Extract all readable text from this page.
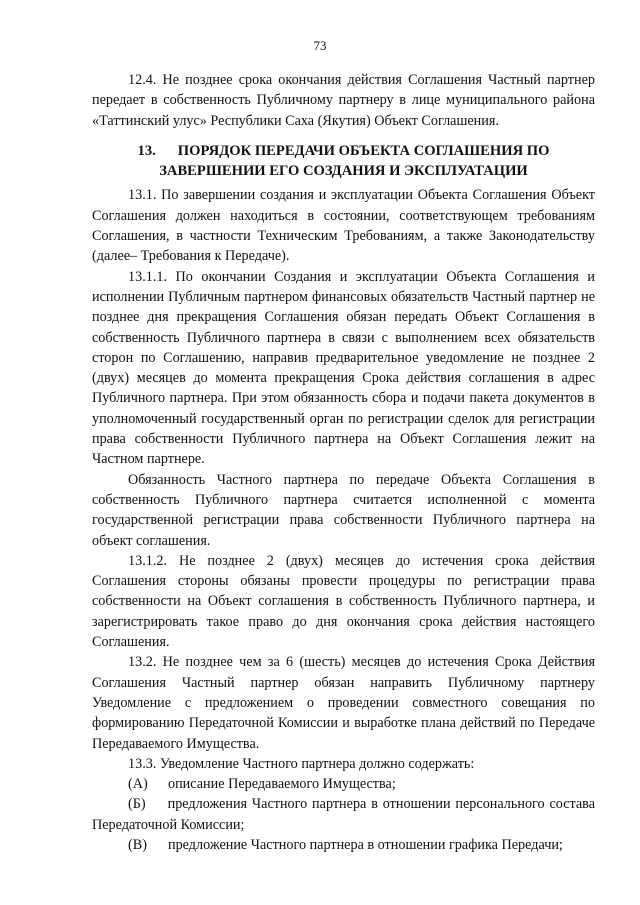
73

12.4. Не позднее срока окончания действия Соглашения Частный партнер передает в собственность Публичному партнеру в лице муниципального района «Таттинский улус» Республики Саха (Якутия) Объект Соглашения.

13. ПОРЯДОК ПЕРЕДАЧИ ОБЪЕКТА СОГЛАШЕНИЯ ПО ЗАВЕРШЕНИИ ЕГО СОЗДАНИЯ И ЭКСПЛУАТАЦИИ

13.1. По завершении создания и эксплуатации Объекта Соглашения Объект Соглашения должен находиться в состоянии, соответствующем требованиям Соглашения, в частности Техническим Требованиям, а также Законодательству (далее– Требования к Передаче).

13.1.1. По окончании Создания и эксплуатации Объекта Соглашения и исполнении Публичным партнером финансовых обязательств Частный партнер не позднее дня прекращения Соглашения обязан передать Объект Соглашения в собственность Публичного партнера в связи с выполнением всех обязательств сторон по Соглашению, направив предварительное уведомление не позднее 2 (двух) месяцев до момента прекращения Срока действия соглашения в адрес Публичного партнера. При этом обязанность сбора и подачи пакета документов в уполномоченный государственный орган по регистрации сделок для регистрации права собственности Публичного партнера на Объект Соглашения лежит на Частном партнере.

Обязанность Частного партнера по передаче Объекта Соглашения в собственность Публичного партнера считается исполненной с момента государственной регистрации права собственности Публичного партнера на объект соглашения.

13.1.2. Не позднее 2 (двух) месяцев до истечения срока действия Соглашения стороны обязаны провести процедуры по регистрации права собственности на Объект соглашения в собственность Публичного партнера, и зарегистрировать такое право до дня окончания срока действия настоящего Соглашения.

13.2. Не позднее чем за 6 (шесть) месяцев до истечения Срока Действия Соглашения Частный партнер обязан направить Публичному партнеру Уведомление с предложением о проведении совместного совещания по формированию Передаточной Комиссии и выработке плана действий по Передаче Передаваемого Имущества.

13.3. Уведомление Частного партнера должно содержать:

(А)	описание Передаваемого Имущества;
(Б) предложения Частного партнера в отношении персонального состава Передаточной Комиссии;
(В)	предложение Частного партнера в отношении графика Передачи;
